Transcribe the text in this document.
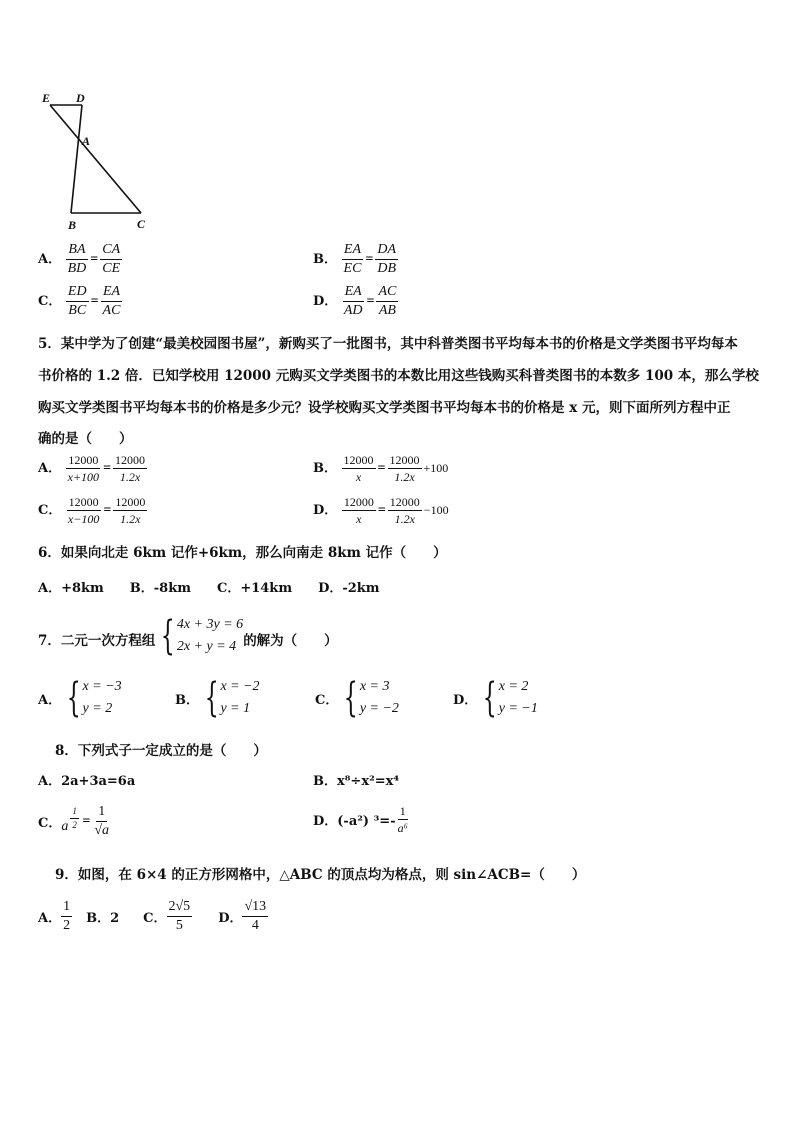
E D
A
B	C
A． $\frac{BA}{BD} = \frac{CA}{CE}$	B． $\frac{EA}{EC} = \frac{DA}{DB}$
C． $\frac{ED}{BC} = \frac{EA}{AC}$	D． $\frac{EA}{AD} = \frac{AC}{AB}$
5．某中学为了创建“最美校园图书屋”，新购买了一批图书，其中科普类图书平均每本书的价格是文学类图书平均每本
书价格的 1.2 倍．已知学校用 12000 元购买文学类图书的本数比用这些钱购买科普类图书的本数多 100 本，那么学校
购买文学类图书平均每本书的价格是多少元？设学校购买文学类图书平均每本书的价格是 x 元，则下面所列方程中正
确的是（　　）
A． $\frac{12000}{x+100} = \frac{12000}{1.2x}$	B． $\frac{12000}{x} = \frac{12000}{1.2x} +100$
C． $\frac{12000}{x-100} = \frac{12000}{1.2x}$	D． $\frac{12000}{x} = \frac{12000}{1.2x} -100$
6．如果向北走 6km 记作+6km，那么向南走 8km 记作（　　）
A．+8km　　B．-8km　　C．+14km　　D．-2km
7．二元一次方程组 { 4x + 3y = 6
2x + y = 4 的解为（　　）
A． { x = −3
y = 2
B． { x = −2
y = 1
C． { x = 3
y = −2
D． { x = 2
y = −1
8．下列式子一定成立的是（　　）
A．2a+3a=6a	B．x⁸÷x²=x⁴
C． a $\frac{1}{2} = \frac{1}{√a}$	D．(-a²) $^3=- \frac{1}{\text{a⁶}}$
9．如图，在 6×4 的正方形网格中，△ABC 的顶点均为格点，则 sin∠ACB=（　　）
A． $\frac{1}{2}$ B．2 C． $\frac{2√5}{5}$ D． $\frac{√13}{4}$
